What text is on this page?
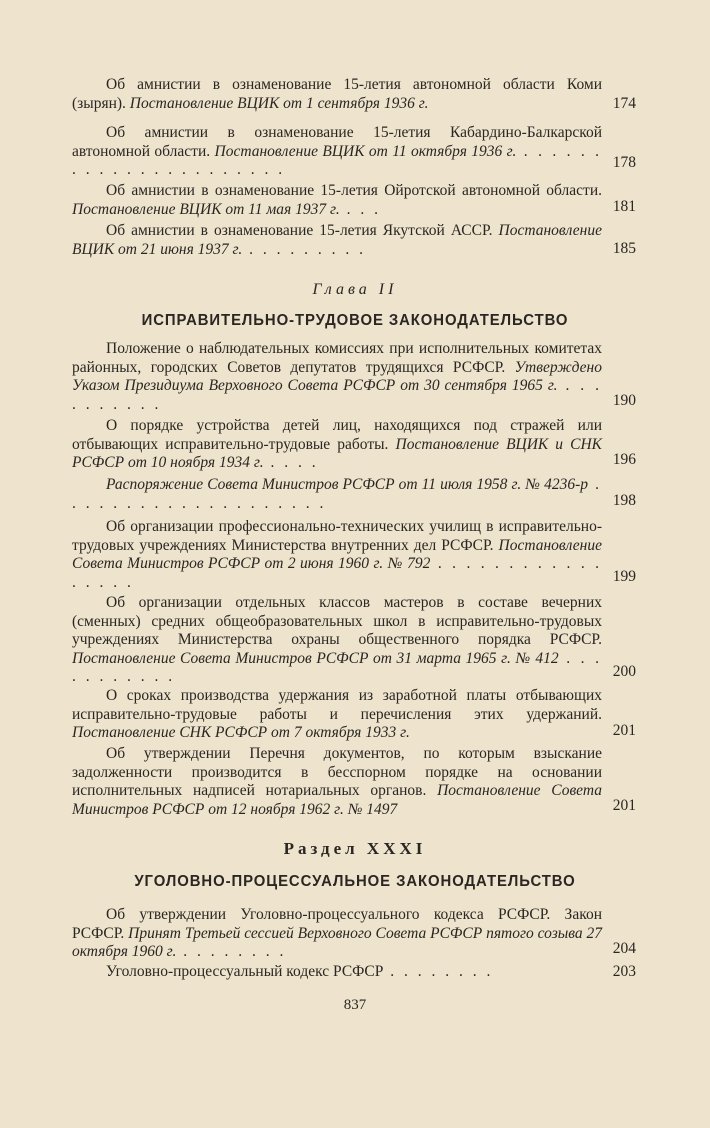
Об амнистии в ознаменование 15-летия автономной области Коми (зырян). Постановление ВЦИК от 1 сентября 1936 г.	174
Об амнистии в ознаменование 15-летия Кабардино-Балкарской автономной области. Постановление ВЦИК от 11 октября 1936 г. . . . . . . . . . . . . . . . . . . . . . .	178
Об амнистии в ознаменование 15-летия Ойротской автономной области. Постановление ВЦИК от 11 мая 1937 г. . . .	181
Об амнистии в ознаменование 15-летия Якутской АССР. Постановление ВЦИК от 21 июня 1937 г. . . . . . . . . .	185
Глава II
ИСПРАВИТЕЛЬНО-ТРУДОВОЕ ЗАКОНОДАТЕЛЬСТВО
Положение о наблюдательных комиссиях при исполнительных комитетах районных, городских Советов депутатов трудящихся РСФСР. Утверждено Указом Президиума Верховного Совета РСФСР от 30 сентября 1965 г. . . . . . . . . . .	190
О порядке устройства детей лиц, находящихся под стражей или отбывающих исправительно-трудовые работы. Постановление ВЦИК и СНК РСФСР от 10 ноября 1934 г. . . . .	196
Распоряжение Совета Министров РСФСР от 11 июля 1958 г. № 4236-р . . . . . . . . . . . . . . . . . . . .	198
Об организации профессионально-технических училищ в исправительно-трудовых учреждениях Министерства внутренних дел РСФСР. Постановление Совета Министров РСФСР от 2 июня 1960 г. № 792 . . . . . . . . . . . . . . . . .	199
Об организации отдельных классов мастеров в составе вечерних (сменных) средних общеобразовательных школ в исправительно-трудовых учреждениях Министерства охраны общественного порядка РСФСР. Постановление Совета Министров РСФСР от 31 марта 1965 г. № 412 . . . . . . . . . . .	200
О сроках производства удержания из заработной платы отбывающих исправительно-трудовые работы и перечисления этих удержаний. Постановление СНК РСФСР от 7 октября 1933 г.	201
Об утверждении Перечня документов, по которым взыскание задолженности производится в бесспорном порядке на основании исполнительных надписей нотариальных органов. Постановление Совета Министров РСФСР от 12 ноября 1962 г. № 1497	201
Раздел XXXI
УГОЛОВНО-ПРОЦЕССУАЛЬНОЕ ЗАКОНОДАТЕЛЬСТВО
Об утверждении Уголовно-процессуального кодекса РСФСР. Закон РСФСР. Принят Третьей сессией Верховного Совета РСФСР пятого созыва 27 октября 1960 г. . . . . . . . .	204
Уголовно-процессуальный кодекс РСФСР . . . . . . . .	203
837
